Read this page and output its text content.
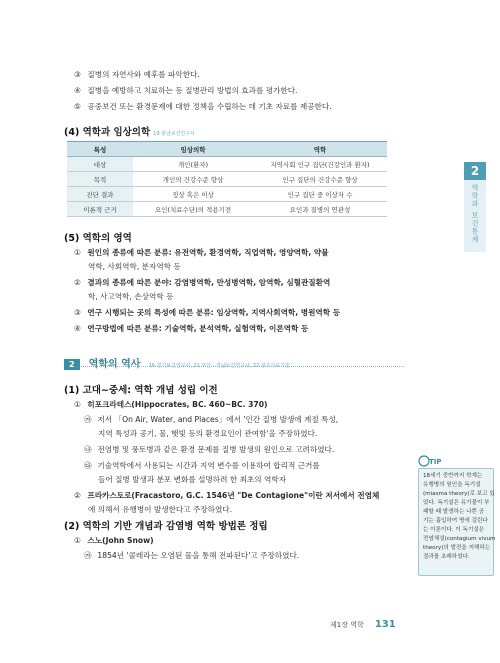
③ 질병의 자연사와 예후를 파악한다.
④ 질병을 예방하고 치료하는 등 질병관리 방법의 효과를 평가한다.
⑤ 공중보건 또는 환경문제에 대한 정책을 수립하는 데 기초 자료를 제공한다.
(4) 역학과 임상의학 19 충남보건연구사
특성	임상의학	역학
대상	개인(환자)	지역사회 인구 집단(건강인과 환자)
목적	개인의 건강수준 향상	인구 집단의 건강수준 향상
진단 결과	정상 혹은 이상	인구 집단 중 이상자 수
이론적 근거	요인(치료수단)의 적용기전	요인과 질병의 연관성
(5) 역학의 영역
① 원인의 종류에 따른 분류: 유전역학, 환경역학, 직업역학, 영양역학, 약물
역학, 사회역학, 분자역학 등
② 결과의 종류에 따른 분야: 감염병역학, 만성병역학, 암역학, 심혈관질환역
학, 사고역학, 손상역학 등
③ 연구 시행되는 곳의 특성에 따른 분류: 임상역학, 지역사회역학, 병원역학 등
④ 연구방법에 따른 분류: 기술역학, 분석역학, 실험역학, 이론역학 등
2 역학의 역사 16 경기보건연구사, 21 부산 · 경남보건연구사, 22 광주의료기술
(1) 고대~중세: 역학 개념 성립 이전
① 히포크라테스(Hippocrates, BC. 460~BC. 370)
㉮ 저서 「On Air, Water, and Places」에서 '인간 질병 발생에 계절 특성,
지역 특성과 공기, 물, 햇빛 등의 환경요인이 관여함'을 주장하였다.
㉯ 전염병 및 풍토병과 같은 환경 문제를 질병 발생의 원인으로 고려하였다.
㉰ 기술역학에서 사용되는 시간과 지역 변수를 이용하여 합리적 근거를
들어 질병 발생과 분포 변화를 설명하려 한 최초의 역학자
② 프라카스토로(Fracastoro, G.C. 1546년 "De Contagione"이란 저서에서 전염체
에 의해서 유행병이 발생한다고 주장하였다.
(2) 역학의 기반 개념과 감염병 역학 방법론 정립
① 스노(John Snow)
㉮ 1854년 '콜레라는 오염된 물을 통해 전파된다'고 주장하였다.
TIP
18세기 중반까지 학계는
유행병의 원인을 독기설
(miasma theory)로 보고 있
었다. 독기설은 유기물이 부
패할 때 발생하는 나쁜 공
기는 흡입하여 병에 걸린다
는 이론이다. 이 독기설은
전염체설(contagium vivum
theory)의 발전을 저해하는
결과를 초래하였다.
2
역학과 보건통계
제1장 역학 131
